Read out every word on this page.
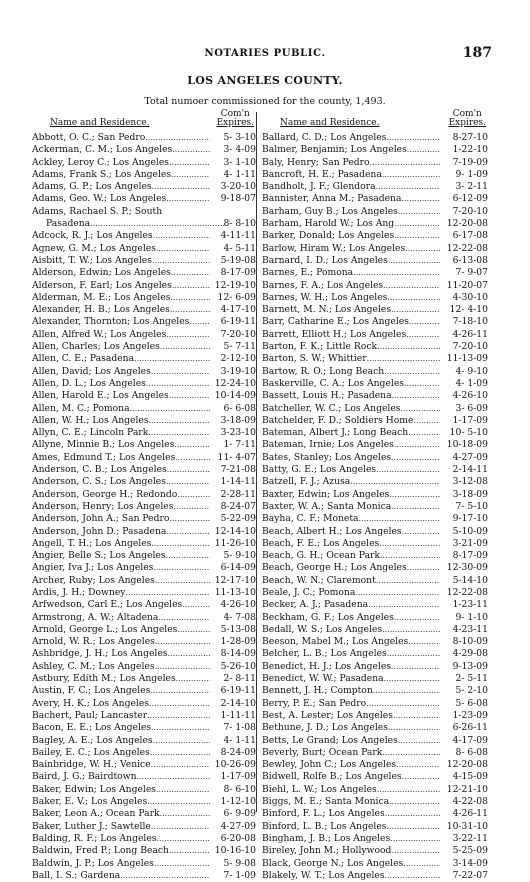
NOTARIES PUBLIC.	187
LOS ANGELES COUNTY.
Total numoer commissioned for the county, 1,493.
Name and Residence.
Com'n
Expires.
Abbott, O. C.; San Pedro .....	5- 3-10
Ackerman, C. M.; Los Angeles .....	3- 4-09
Ackley, Leroy C.; Los Angeles .....	3- 1-10
Adams, Frank S.; Los Angeles .....	4- 1-11
Adams, G. P.; Los Angeles .....	3-20-10
Adams, Geo. W.; Los Angeles .....	9-18-07
Adams, Rachael S. P.; South
Pasadena .....	8- 8-10
Adcock, R. J.; Los Angeles .....	4-11-11
Agnew, G. M.; Los Angeles .....	4- 5-11
Aisbitt, T. W.; Los Angeles .....	5-19-08
Alderson, Edwin; Los Angeles .....	8-17-09
Alderson, F. Earl; Los Angeles .....	12-19-10
Alderman, M. E.; Los Angeles .....	12- 6-09
Alexander, H. B.; Los Angeles .....	4-17-10
Alexander, Thornton; Los Angeles .....	6-19-11
Allen, Alfred W.; Los Angeles .....	7-20-10
Allen, Charles; Los Angeles .....	5- 7-11
Allen, C. E.; Pasadena .....	2-12-10
Allen, David; Los Angeles .....	3-19-10
Allen, D. L.; Los Angeles .....	12-24-10
Allen, Harold E.; Los Angeles .....	10-14-09
Allen, M. C.; Pomona .....	6- 6-08
Allen, W. H.; Los Angeles .....	3-18-09
Allyn, C. E.; Lincoln Park .....	3-23-10
Allyne, Minnie B.; Los Angeles .....	1- 7-11
Ames, Edmund T.; Los Angeles .....	11- 4-07
Anderson, C. B.; Los Angeles .....	7-21-08
Anderson, C. S.; Los Angeles .....	1-14-11
Anderson, George H.; Redondo .....	2-28-11
Anderson, Henry; Los Angeles .....	8-24-07
Anderson, John A.; San Pedro .....	5-22-09
Anderson, John D.; Pasadena .....	12-14-10
Angell, T. H.; Los Angeles .....	11-26-10
Angier, Belle S.; Los Angeles .....	5- 9-10
Angier, Iva J.; Los Angeles .....	6-14-09
Archer, Ruby; Los Angeles .....	12-17-10
Ardis, J. H.; Downey .....	11-13-10
Arfwedson, Carl E.; Los Angeles .....	4-26-10
Armstrong, A. W.; Altadena .....	4- 7-08
Arnold, George L.; Los Angeles .....	5-13-08
Arnold, W. R.; Los Angeles .....	1-28-09
Ashbridge, J. H.; Los Angeles .....	8-14-09
Ashley, C. M.; Los Angeles .....	5-26-10
Astbury, Edith M.; Los Angeles .....	2- 8-11
Austin, F. C.; Los Angeles .....	6-19-11
Avery, H. K.; Los Angeles .....	2-14-10
Bachert, Paul; Lancaster .....	1-11-11
Bacon, E. E.; Los Angeles .....	7- 1-08
Bagley, A. E.; Los Angeles .....	4- 1-11
Bailey, E. C.; Los Angeles .....	8-24-09
Bainbridge, W. H.; Venice .....	10-26-09
Baird, J. G.; Bairdtown .....	1-17-09
Baker, Edwin; Los Angeles .....	8- 6-10
Baker, E. V.; Los Angeles .....	1-12-10
Baker, Leon A.; Ocean Park .....	6- 9-09
Baker, Luther J.; Sawtelle .....	4-27-09
Balding, R. F.; Los Angeles .....	6-20-08
Baldwin, Fred P.; Long Beach .....	10-16-10
Baldwin, J. P.; Los Angeles .....	5- 9-08
Ball, I. S.; Gardena .....	7- 1-09
Name and Residence.
Com'n
Expires.
Ballard, C. D.; Los Angeles .....	8-27-10
Balmer, Benjamin; Los Angeles .....	1-22-10
Baly, Henry; San Pedro .....	7-19-09
Bancroft, H. E.; Pasadena .....	9- 1-09
Bandholt, J. F.; Glendora .....	3- 2-11
Bannister, Anna M.; Pasadena .....	6-12-09
Barham, Guy B.; Los Angeles .....	7-20-10
Barham, Harold W.; Los Ang .....	12-20-08
Barker, Donald; Los Angeles .....	6-17-08
Barlow, Hiram W.; Los Angeles .....	12-22-08
Barnard, I. D.; Los Angeles .....	6-13-08
Barnes, E.; Pomona .....	7- 9-07
Barnes, F. A.; Los Angeles .....	11-20-07
Barnes, W. H.; Los Angeles .....	4-30-10
Barnett, M. N.; Los Angeles .....	12- 4-10
Barr, Catharine E.; Los Angeles .....	7-18-10
Barrett, Elliott H.; Los Angeles .....	4-26-11
Barton, F. K.; Little Rock .....	7-20-10
Barton, S. W.; Whittier .....	11-13-09
Bartow, R. O.; Long Beach .....	4- 9-10
Baskerville, C. A.; Los Angeles .....	4- 1-09
Bassett, Louis H.; Pasadena .....	4-26-10
Batcheller, W. C.; Los Angeles .....	3- 6-09
Batchelder, F. D.; Soldiers Home .....	1-17-09
Bateman, Albert J.; Long Beach .....	10- 5-10
Bateman, Irnie; Los Angeles .....	10-18-09
Bates, Stanley; Los Angeles .....	4-27-09
Batty, G. E.; Los Angeles .....	2-14-11
Batzell, F. J.; Azusa .....	3-12-08
Baxter, Edwin; Los Angeles .....	3-18-09
Baxter, W. A.; Santa Monica .....	7- 5-10
Bayha, C. F.; Moneta .....	9-17-10
Beach, Albert H.; Los Angeles .....	5-10-09
Beach, F. E.; Los Angeles .....	3-21-09
Beach, G. H.; Ocean Park .....	8-17-09
Beach, George H.; Los Angeles .....	12-30-09
Beach, W. N.; Claremont .....	5-14-10
Beale, J. C.; Pomona .....	12-22-08
Becker, A. J.; Pasadena .....	1-23-11
Beckham, G. F.; Los Angeles .....	9- 1-10
Bedall, W. S.; Los Angeles .....	4-23-11
Beeson, Mabel M.; Los Angeles .....	8-10-09
Belcher, L. B.; Los Angeles .....	4-29-08
Benedict, H. J.; Los Angeles .....	9-13-09
Benedict, W. W.; Pasadena .....	2- 5-11
Bennett, J. H.; Compton .....	5- 2-10
Berry, P. E.; San Pedro .....	5- 6-08
Best, A. Lester; Los Angeles .....	1-23-09
Bethune, J. D.; Los Angeles .....	6-26-11
Betts, Le Grand; Los Angeles .....	4-17-09
Beverly, Burt; Ocean Park .....	8- 6-08
Bewley, John C.; Los Angeles .....	12-20-08
Bidwell, Rolfe B.; Los Angeles .....	4-15-09
Biehl, L. W.; Los Angeles .....	12-21-10
Biggs, M. E.; Santa Monica .....	4-22-08
Binford, F. L.; Los Angeles .....	4-26-11
Binford, L. B.; Los Angeles .....	10-31-10
Bingham, J. B.; Los Angeles .....	3-22-11
Bireley, John M.; Hollywood .....	5-25-09
Black, George N.; Los Angeles .....	3-14-09
Blakely, W. T.; Los Angeles .....	7-22-07
